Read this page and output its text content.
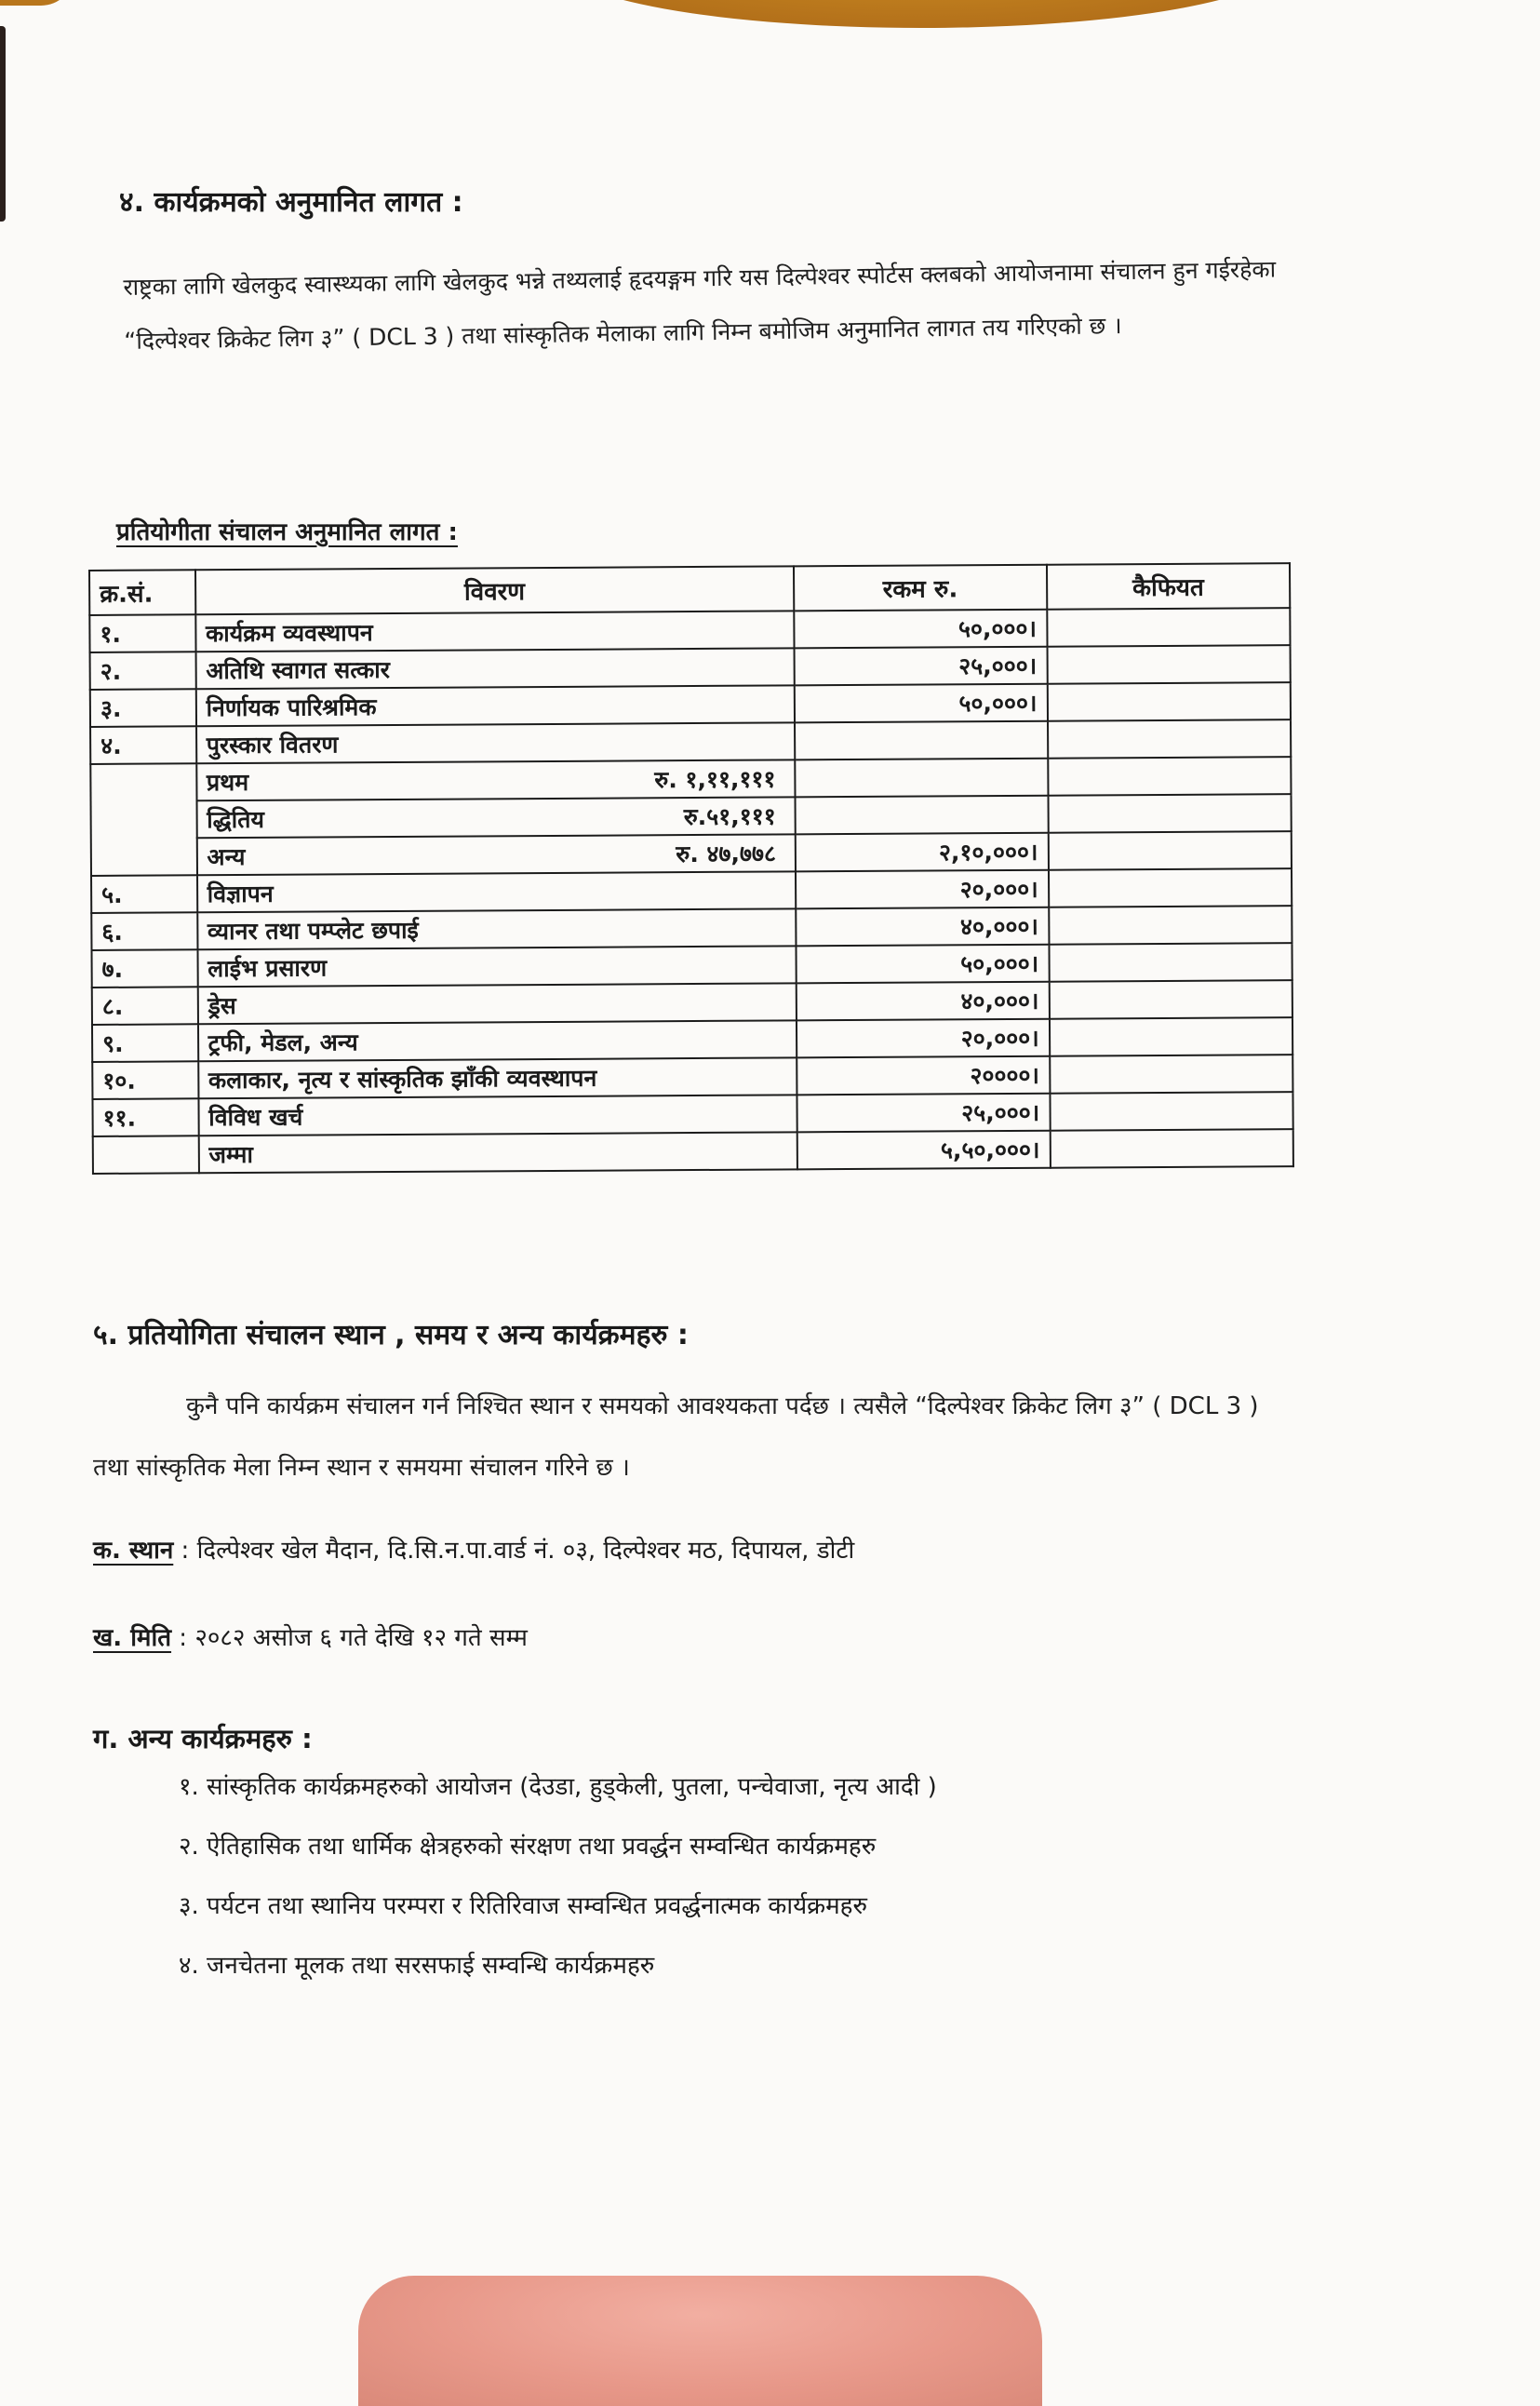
४. कार्यक्रमको अनुमानित लागत :
राष्ट्रका लागि खेलकुद स्वास्थ्यका लागि खेलकुद भन्ने तथ्यलाई हृदयङ्गम गरि यस दिल्पेश्वर स्पोर्टस क्लबको आयोजनामा संचालन हुन गईरहेका “दिल्पेश्वर क्रिकेट लिग ३” ( DCL 3 ) तथा सांस्कृतिक मेलाका लागि निम्न बमोजिम अनुमानित लागत तय गरिएको छ ।
प्रतियोगीता संचालन अनुमानित लागत :
क्र.सं.	विवरण	रकम रु.	कैफियत
१.	कार्यक्रम व्यवस्थापन	५०,०००।	
२.	अतिथि स्वागत सत्कार	२५,०००।	
३.	निर्णायक पारिश्रमिक	५०,०००।	
४.	पुरस्कार वितरण		

	प्रथम रु. १,११,१११		

	द्धितिय रु.५१,१११		

	अन्य रु. ४७,७७८	२,१०,०००।	
५.	विज्ञापन	२०,०००।	
६.	व्यानर तथा पम्प्लेट छपाई	४०,०००।	
७.	लाईभ प्रसारण	५०,०००।	
८.	ड्रेस	४०,०००।	
९.	ट्रफी, मेडल, अन्य	२०,०००।	
१०.	कलाकार, नृत्य र सांस्कृतिक झाँकी व्यवस्थापन	२००००।	
११.	विविध खर्च	२५,०००।	
	जम्मा	५,५०,०००।	
५. प्रतियोगिता संचालन स्थान , समय र अन्य कार्यक्रमहरु :
कुनै पनि कार्यक्रम संचालन गर्न निश्चित स्थान र समयको आवश्यकता पर्दछ । त्यसैले “दिल्पेश्वर क्रिकेट लिग ३” ( DCL 3 ) तथा सांस्कृतिक मेला निम्न स्थान र समयमा संचालन गरिने छ ।
क. स्थान : दिल्पेश्वर खेल मैदान, दि.सि.न.पा.वार्ड नं. ०३, दिल्पेश्वर मठ, दिपायल, डोटी
ख. मिति : २०८२ असोज ६ गते देखि १२ गते सम्म
ग. अन्य कार्यक्रमहरु :
१. सांस्कृतिक कार्यक्रमहरुको आयोजन (देउडा, हुड्केली, पुतला, पन्चेवाजा, नृत्य आदी )
२. ऐतिहासिक तथा धार्मिक क्षेत्रहरुको संरक्षण तथा प्रवर्द्धन सम्वन्धित कार्यक्रमहरु
३. पर्यटन तथा स्थानिय परम्परा र रितिरिवाज सम्वन्धित प्रवर्द्धनात्मक कार्यक्रमहरु
४. जनचेतना मूलक तथा सरसफाई सम्वन्धि कार्यक्रमहरु
